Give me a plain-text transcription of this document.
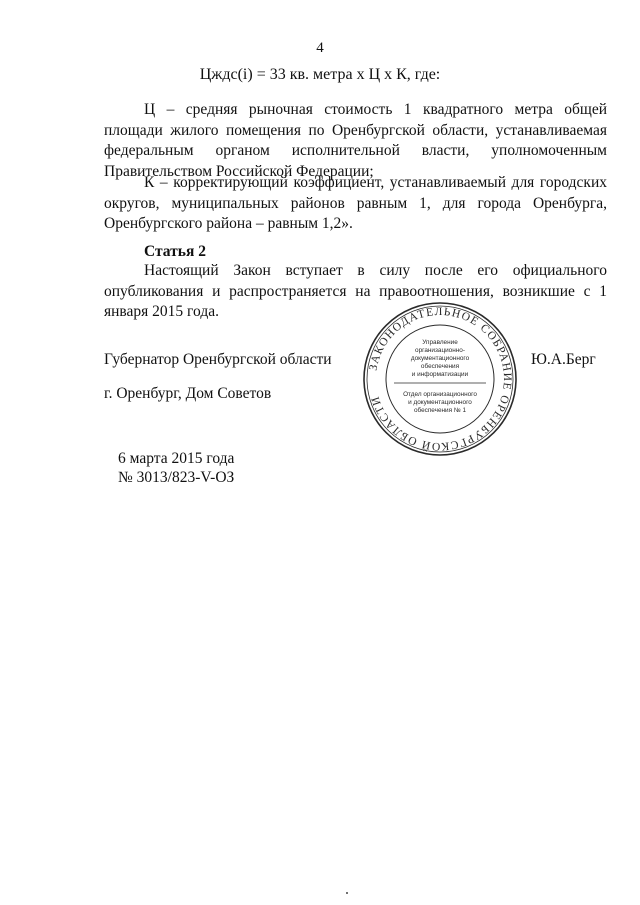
4
Цждс(i) = 33 кв. метра x Ц x К, где:
Ц – средняя рыночная стоимость 1 квадратного метра общей площади жилого помещения по Оренбургской области, устанавливаемая федеральным органом исполнительной власти, уполномоченным Правительством Российской Федерации;
К – корректирующий коэффициент, устанавливаемый для городских округов, муниципальных районов равным 1, для города Оренбурга, Оренбургского района – равным 1,2».
Статья 2
Настоящий Закон вступает в силу после его официального опубликования и распространяется на правоотношения, возникшие с 1 января 2015 года.
Губернатор Оренбургской области	Ю.А.Берг
г. Оренбург, Дом Советов
6 марта 2015 года
№ 3013/823-V-ОЗ
ЗАКОНОДАТЕЛЬНОЕ СОБРАНИЕ ОРЕНБУРГСКОЙ ОБЛАСТИ
Управление
организационно-
документационного
обеспечения
и информатизации
Отдел организационного
и документационного
обеспечения № 1
